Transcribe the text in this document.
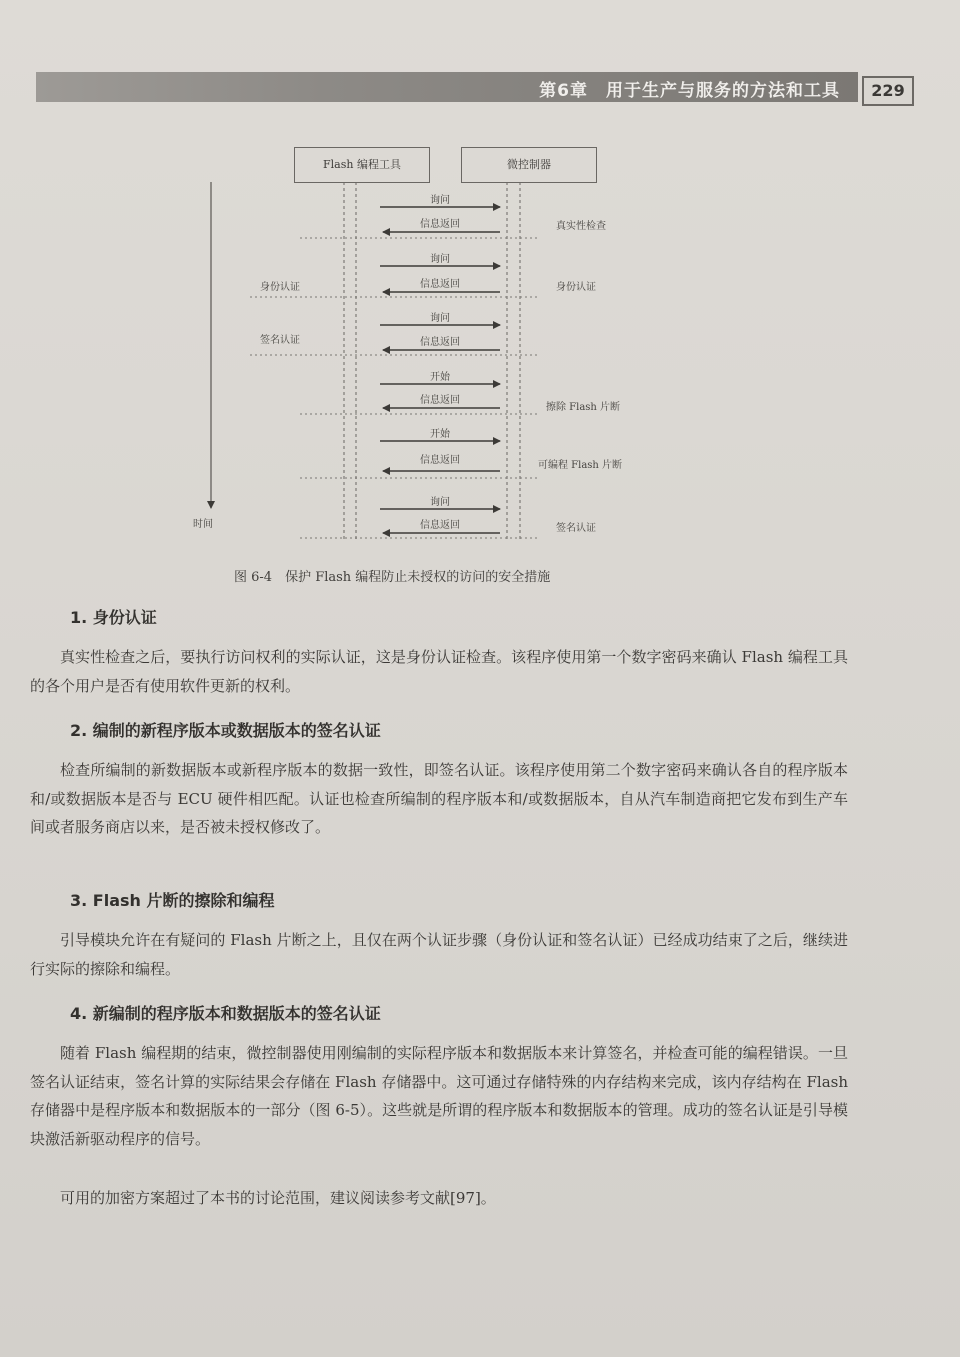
第6章　用于生产与服务的方法和工具	229
Flash 编程工具	微控制器
询问
信息返回
询问
信息返回
询问
信息返回
开始
信息返回
开始
信息返回
询问
信息返回
身份认证
签名认证
时间
真实性检查
身份认证
擦除 Flash 片断
可编程 Flash 片断
签名认证
图 6-4　保护 Flash 编程防止未授权的访问的安全措施
1. 身份认证

真实性检查之后，要执行访问权利的实际认证，这是身份认证检查。该程序使用第一个数字密码来确认 Flash 编程工具的各个用户是否有使用软件更新的权利。

2. 编制的新程序版本或数据版本的签名认证

检查所编制的新数据版本或新程序版本的数据一致性，即签名认证。该程序使用第二个数字密码来确认各自的程序版本和/或数据版本是否与 ECU 硬件相匹配。认证也检查所编制的程序版本和/或数据版本，自从汽车制造商把它发布到生产车间或者服务商店以来，是否被未授权修改了。

3. Flash 片断的擦除和编程

引导模块允许在有疑问的 Flash 片断之上，且仅在两个认证步骤（身份认证和签名认证）已经成功结束了之后，继续进行实际的擦除和编程。

4. 新编制的程序版本和数据版本的签名认证

随着 Flash 编程期的结束，微控制器使用刚编制的实际程序版本和数据版本来计算签名，并检查可能的编程错误。一旦签名认证结束，签名计算的实际结果会存储在 Flash 存储器中。这可通过存储特殊的内存结构来完成，该内存结构在 Flash 存储器中是程序版本和数据版本的一部分（图 6-5）。这些就是所谓的程序版本和数据版本的管理。成功的签名认证是引导模块激活新驱动程序的信号。

可用的加密方案超过了本书的讨论范围，建议阅读参考文献[97]。
